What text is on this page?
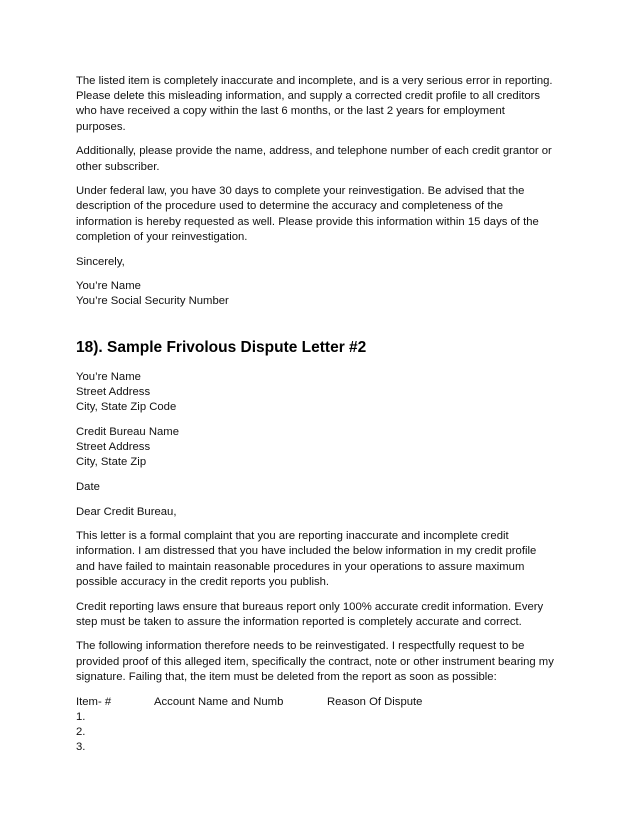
The listed item is completely inaccurate and incomplete, and is a very serious error in reporting.
Please delete this misleading information, and supply a corrected credit profile to all creditors
who have received a copy within the last 6 months, or the last 2 years for employment
purposes.

Additionally, please provide the name, address, and telephone number of each credit grantor or
other subscriber.

Under federal law, you have 30 days to complete your reinvestigation. Be advised that the
description of the procedure used to determine the accuracy and completeness of the
information is hereby requested as well. Please provide this information within 15 days of the
completion of your reinvestigation.

Sincerely,

You’re Name
You’re Social Security Number

18). Sample Frivolous Dispute Letter #2

You’re Name
Street Address
City, State Zip Code

Credit Bureau Name
Street Address
City, State Zip

Date

Dear Credit Bureau,

This letter is a formal complaint that you are reporting inaccurate and incomplete credit
information. I am distressed that you have included the below information in my credit profile
and have failed to maintain reasonable procedures in your operations to assure maximum
possible accuracy in the credit reports you publish.

Credit reporting laws ensure that bureaus report only 100% accurate credit information. Every
step must be taken to assure the information reported is completely accurate and correct.

The following information therefore needs to be reinvestigated. I respectfully request to be
provided proof of this alleged item, specifically the contract, note or other instrument bearing my
signature. Failing that, the item must be deleted from the report as soon as possible:

Item- #	Account Name and Numb	Reason Of Dispute

1.
2.
3.
